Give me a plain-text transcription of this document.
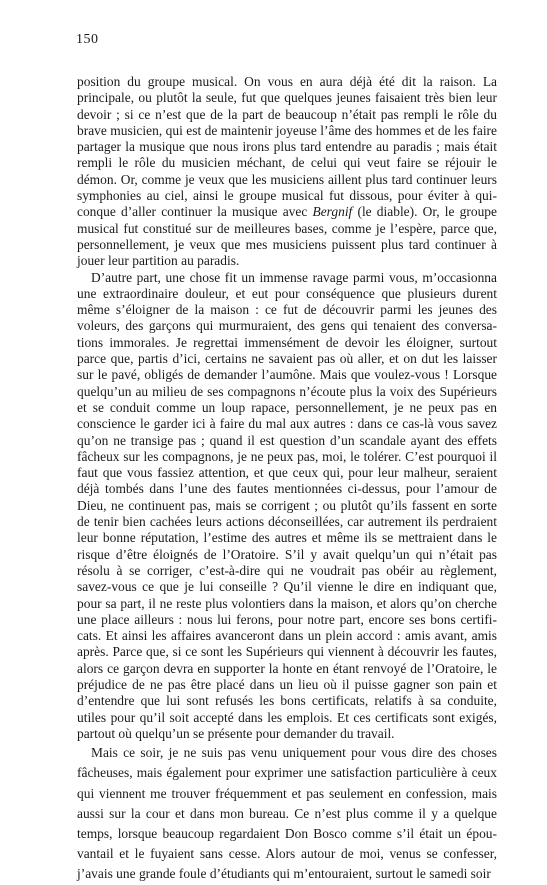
150

position du groupe musical. On vous en aura déjà été dit la raison. La principale, ou plutôt la seule, fut que quelques jeunes faisaient très bien leur devoir ; si ce n’est que de la part de beaucoup n’était pas rempli le rôle du brave musicien, qui est de maintenir joyeuse l’âme des hommes et de les faire partager la musique que nous irons plus tard entendre au paradis ; mais était rempli le rôle du musicien méchant, de celui qui veut faire se réjouir le démon. Or, comme je veux que les musiciens aillent plus tard continuer leurs symphonies au ciel, ainsi le groupe musical fut dissous, pour éviter à qui-conque d’aller continuer la musique avec Bergnif (le diable). Or, le groupe musical fut constitué sur de meilleures bases, comme je l’espère, parce que, personnellement, je veux que mes musiciens puissent plus tard continuer à jouer leur partition au paradis.

D’autre part, une chose fit un immense ravage parmi vous, m’occasionna une extraordinaire douleur, et eut pour conséquence que plusieurs durent même s’éloigner de la maison : ce fut de découvrir parmi les jeunes des voleurs, des garçons qui murmuraient, des gens qui tenaient des conversa-tions immorales. Je regrettai immensément de devoir les éloigner, surtout parce que, partis d’ici, certains ne savaient pas où aller, et on dut les laisser sur le pavé, obligés de demander l’aumône. Mais que voulez-vous ! Lorsque quelqu’un au milieu de ses compagnons n’écoute plus la voix des Supérieurs et se conduit comme un loup rapace, personnellement, je ne peux pas en conscience le garder ici à faire du mal aux autres : dans ce cas-là vous savez qu’on ne transige pas ; quand il est question d’un scandale ayant des effets fâcheux sur les compagnons, je ne peux pas, moi, le tolérer. C’est pourquoi il faut que vous fassiez attention, et que ceux qui, pour leur malheur, seraient déjà tombés dans l’une des fautes mentionnées ci-dessus, pour l’amour de Dieu, ne continuent pas, mais se corrigent ; ou plutôt qu’ils fassent en sorte de tenir bien cachées leurs actions déconseillées, car autrement ils perdraient leur bonne réputation, l’estime des autres et même ils se mettraient dans le risque d’être éloignés de l’Oratoire. S’il y avait quelqu’un qui n’était pas résolu à se corriger, c’est-à-dire qui ne voudrait pas obéir au règlement, savez-vous ce que je lui conseille ? Qu’il vienne le dire en indiquant que, pour sa part, il ne reste plus volontiers dans la maison, et alors qu’on cherche une place ailleurs : nous lui ferons, pour notre part, encore ses bons certifi-cats. Et ainsi les affaires avanceront dans un plein accord : amis avant, amis après. Parce que, si ce sont les Supérieurs qui viennent à découvrir les fautes, alors ce garçon devra en supporter la honte en étant renvoyé de l’Oratoire, le préjudice de ne pas être placé dans un lieu où il puisse gagner son pain et d’entendre que lui sont refusés les bons certificats, relatifs à sa conduite, utiles pour qu’il soit accepté dans les emplois. Et ces certificats sont exigés, partout où quelqu’un se présente pour demander du travail.

Mais ce soir, je ne suis pas venu uniquement pour vous dire des choses fâcheuses, mais également pour exprimer une satisfaction particulière à ceux qui viennent me trouver fréquemment et pas seulement en confession, mais aussi sur la cour et dans mon bureau. Ce n’est plus comme il y a quelque temps, lorsque beaucoup regardaient Don Bosco comme s’il était un épou-vantail et le fuyaient sans cesse. Alors autour de moi, venus se confesser, j’avais une grande foule d’étudiants qui m’entouraient, surtout le samedi soir
